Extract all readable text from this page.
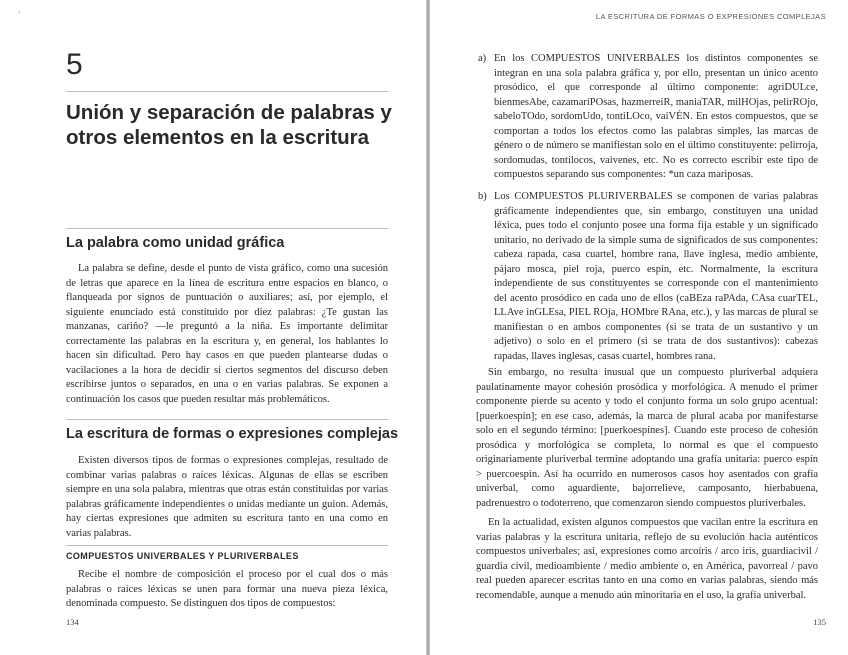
’
5
Unión y separación de palabras y otros elementos en la escritura
La palabra como unidad gráfica

La palabra se define, desde el punto de vista gráfico, como una sucesión de letras que aparece en la línea de escritura entre espacios en blanco, o flanqueada por signos de puntuación o auxiliares; así, por ejemplo, el siguiente enunciado está constituido por diez palabras: ¿Te gustan las manzanas, cariño? —le preguntó a la niña. Es importante delimitar correctamente las palabras en la escritura y, en general, los hablantes lo hacen sin dificultad. Pero hay casos en que pueden plantearse dudas o vacilaciones a la hora de decidir si ciertos segmentos del discurso deben escribirse juntos o separados, en una o en varias palabras. Se exponen a continuación los casos que pueden resultar más problemáticos.

La escritura de formas o expresiones complejas

Existen diversos tipos de formas o expresiones complejas, resultado de combinar varias palabras o raíces léxicas. Algunas de ellas se escriben siempre en una sola palabra, mientras que otras están constituidas por varias palabras gráficamente independientes o unidas mediante un guion. Además, hay ciertas expresiones que admiten su escritura tanto en una como en varias palabras.

COMPUESTOS UNIVERBALES Y PLURIVERBALES

Recibe el nombre de composición el proceso por el cual dos o más palabras o raíces léxicas se unen para formar una nueva pieza léxica, denominada compuesto. Se distinguen dos tipos de compuestos:

134
LA ESCRITURA DE FORMAS O EXPRESIONES COMPLEJAS
a) En los COMPUESTOS UNIVERBALES los distintos componentes se integran en una sola palabra gráfica y, por ello, presentan un único acento prosódico, el que corresponde al último componente: agriDULce, bienmesAbe, cazamariPOsas, hazmerreíR, maniaTAR, milHOjas, pelirROjo, sabeloTOdo, sordomUdo, tontiLOco, vaiVÉN. En estos compuestos, que se comportan a todos los efectos como las palabras simples, las marcas de género o de número se manifiestan solo en el último constituyente: pelirroja, sordomudas, tontilocos, vaivenes, etc. No es correcto escribir este tipo de compuestos separando sus componentes: *un caza mariposas.

b) Los COMPUESTOS PLURIVERBALES se componen de varias palabras gráficamente independientes que, sin embargo, constituyen una unidad léxica, pues todo el conjunto posee una forma fija estable y un significado unitario, no derivado de la simple suma de significados de sus componentes: cabeza rapada, casa cuartel, hombre rana, llave inglesa, medio ambiente, pájaro mosca, piel roja, puerco espín, etc. Normalmente, la escritura independiente de sus constituyentes se corresponde con el mantenimiento del acento prosódico en cada uno de ellos (caBEza raPAda, CAsa cuarTEL, LLAve inGLEsa, PIEL ROja, HOMbre RAna, etc.), y las marcas de plural se manifiestan o en ambos componentes (si se trata de un sustantivo y un adjetivo) o solo en el primero (si se trata de dos sustantivos): cabezas rapadas, llaves inglesas, casas cuartel, hombres rana.

Sin embargo, no resulta inusual que un compuesto pluriverbal adquiera paulatinamente mayor cohesión prosódica y morfológica. A menudo el primer componente pierde su acento y todo el conjunto forma un solo grupo acentual: [puerkoespín]; en ese caso, además, la marca de plural acaba por manifestarse solo en el segundo término: [puerkoespínes]. Cuando este proceso de cohesión prosódica y morfológica se completa, lo normal es que el compuesto originariamente pluriverbal termine adoptando una grafía unitaria: puerco espín > puercoespín. Así ha ocurrido en numerosos casos hoy asentados con grafía univerbal, como aguardiente, bajorrelieve, camposanto, hierbabuena, padrenuestro o todoterreno, que comenzaron siendo compuestos pluriverbales.

En la actualidad, existen algunos compuestos que vacilan entre la escritura en varias palabras y la escritura unitaria, reflejo de su evolución hacia auténticos compuestos univerbales; así, expresiones como arcoíris / arco iris, guardiacivil / guardia civil, medioambiente / medio ambiente o, en América, pavorreal / pavo real pueden aparecer escritas tanto en una como en varias palabras, siendo más recomendable, aunque a menudo aún minoritaria en el uso, la grafía univerbal.

135
